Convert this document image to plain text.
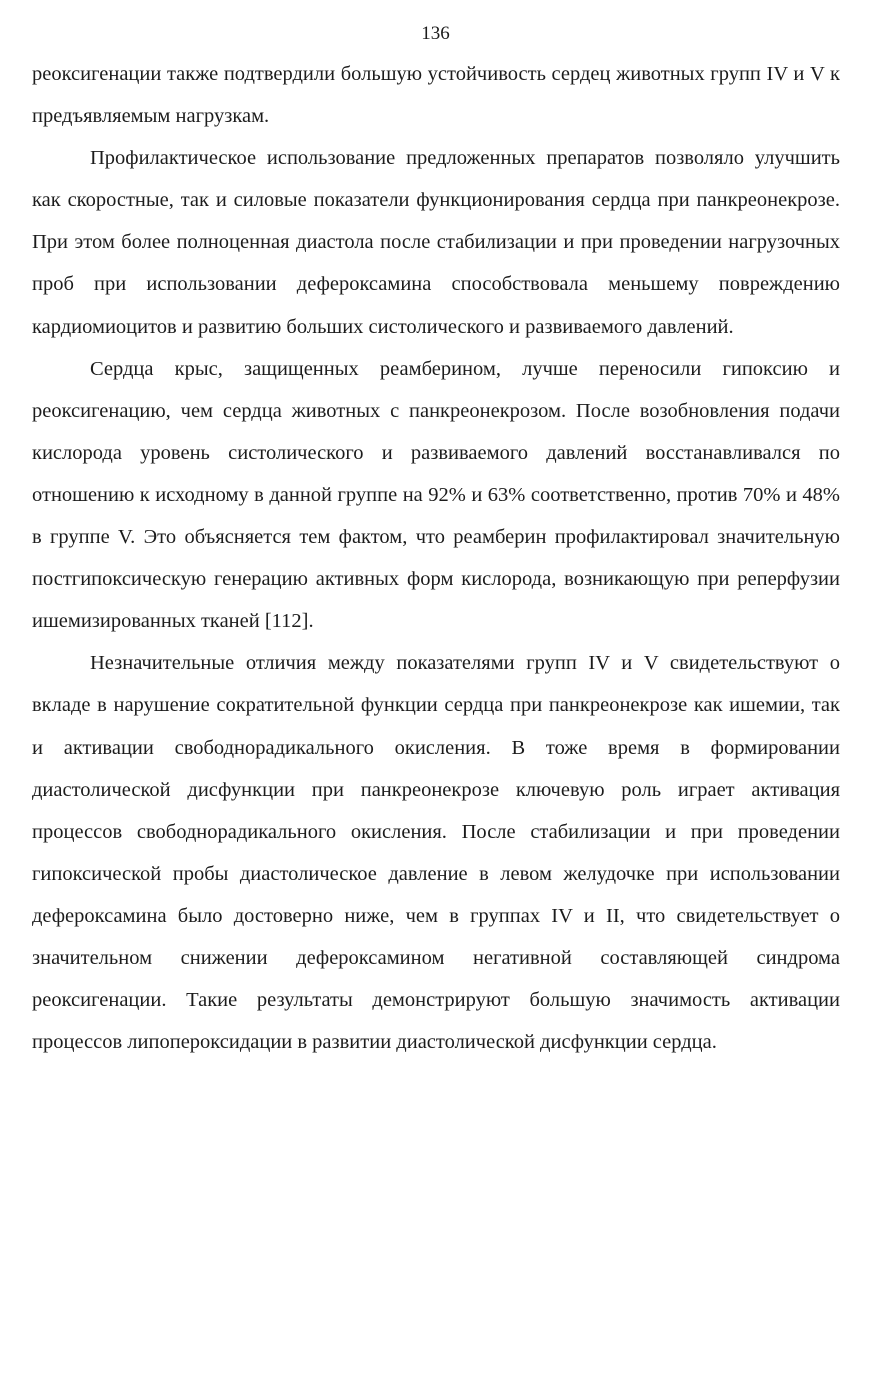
136

реоксигенации также подтвердили большую устойчивость сердец животных групп IV и V к предъявляемым нагрузкам.

Профилактическое использование предложенных препаратов позволяло улучшить как скоростные, так и силовые показатели функционирования сердца при панкреонекрозе. При этом более полноценная диастола после стабилизации и при проведении нагрузочных проб при использовании дефероксамина способствовала меньшему повреждению кардиомиоцитов и развитию больших систолического и развиваемого давлений.

Сердца крыс, защищенных реамберином, лучше переносили гипоксию и реоксигенацию, чем сердца животных с панкреонекрозом. После возобновления подачи кислорода уровень систолического и развиваемого давлений восстанавливался по отношению к исходному в данной группе на 92% и 63% соответственно, против 70% и 48% в группе V. Это объясняется тем фактом, что реамберин профилактировал значительную постгипоксическую генерацию активных форм кислорода, возникающую при реперфузии ишемизированных тканей [112].

Незначительные отличия между показателями групп IV и V свидетельствуют о вкладе в нарушение сократительной функции сердца при панкреонекрозе как ишемии, так и активации свободнорадикального окисления. В тоже время в формировании диастолической дисфункции при панкреонекрозе ключевую роль играет активация процессов свободнорадикального окисления. После стабилизации и при проведении гипоксической пробы диастолическое давление в левом желудочке при использовании дефероксамина было достоверно ниже, чем в группах IV и II, что свидетельствует о значительном снижении дефероксамином негативной составляющей синдрома реоксигенации. Такие результаты демонстрируют большую значимость активации процессов липопероксидации в развитии диастолической дисфункции сердца.
